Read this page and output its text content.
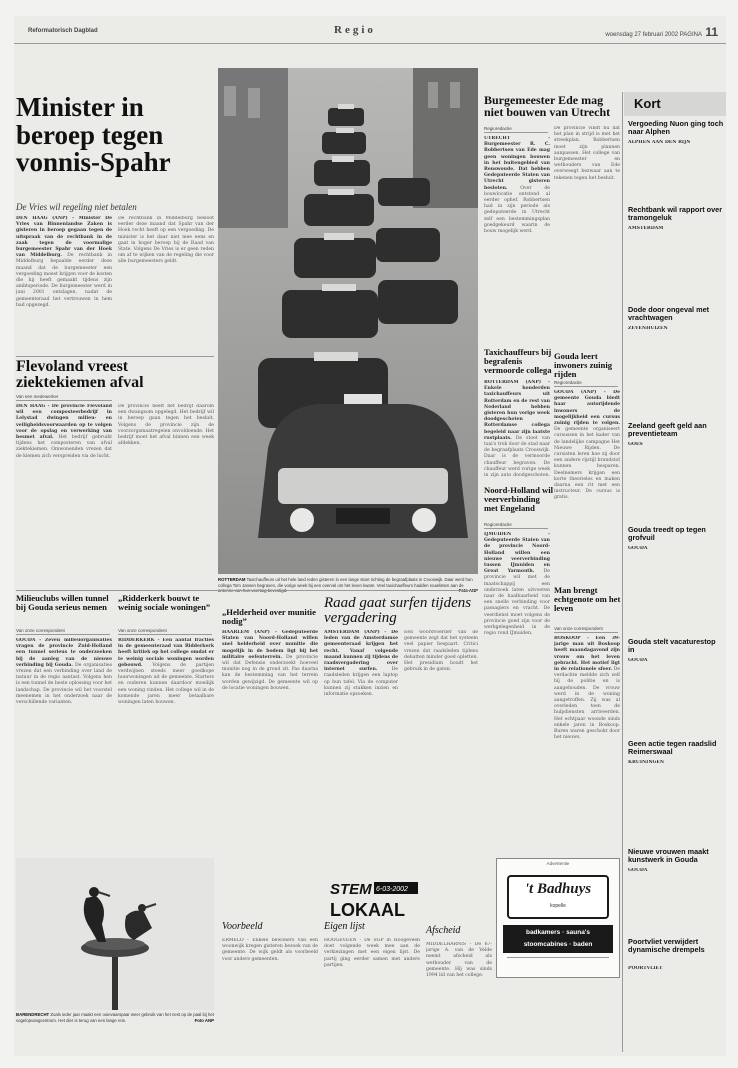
Reformatorisch Dagblad	Regio	woensdag 27 februari 2002 PAGINA 11
Minister in beroep tegen vonnis-Spahr
De Vries wil regeling niet betalen
DEN HAAG (ANP) - Minister De Vries van Binnenlandse Zaken is gisteren in beroep gegaan tegen de uitspraak van de rechtbank in de zaak tegen de voormalige burgemeester Spahr van der Hoek van Middelburg. De rechtbank in Middelburg bepaalde eerder deze maand dat de burgemeester een vergoeding moest krijgen voor de kosten die hij heeft gemaakt tijdens zijn ambtsperiode. De burgemeester werd in juni 2001 ontslagen, nadat de gemeenteraad het vertrouwen in hem had opgezegd.
De rechtbank in Middelburg besloot eerder deze maand dat Spahr van der Hoek recht heeft op een vergoeding. De minister is het daar niet mee eens en gaat in hoger beroep bij de Raad van State. Volgens De Vries is er geen reden om af te wijken van de regeling die voor alle burgemeesters geldt.
Flevoland vreest ziektekiemen afval
Van een medewerker
DEN HAAG - De provincie Flevoland wil een composteerbedrijf in Lelystad dwingen milieu- en veiligheidsvoorwaarden op te volgen voor de opslag en verwerking van besmet afval. Het bedrijf gebruikt tijdens het composteren van afval ziektekiemen. Omwonenden vrezen dat de kiemen zich verspreiden via de lucht.
De provincie heeft het bedrijf daarom een dwangsom opgelegd. Het bedrijf wil in beroep gaan tegen het besluit. Volgens de provincie zijn de voorzorgsmaatregelen onvoldoende. Het bedrijf moet het afval binnen een week afdekken.
ROTTERDAM Taxichauffeurs uit het hele land reden gisteren in een lange stoet richting de begraafplaats in Crooswijk. Daar werd hun collega Tom Jansen begraven, die vorige week bij een overval om het leven kwam. Veel taxichauffeurs hadden rouwlinten aan de
Burgemeester Ede mag niet bouwen van Utrecht
Regioredactie
UTRECHT - Burgemeester R. C. Robbertsen van Ede mag geen woningen bouwen in het buitengebied van Renswoude. Dat hebben Gedeputeerde Staten van Utrecht gisteren besloten.	Over de bouwlocatie ontstond al eerder ophef. Robbertsen had in zijn periode als gedeputeerde in Utrecht zelf een bestemmingsplan goedgekeurd waarin de bouw mogelijk werd.
De provincie vindt nu dat het plan in strijd is met het streekplan. Robbertsen moet zijn plannen aanpassen. Het college van burgemeester en wethouders van Ede overweegt bezwaar aan te tekenen tegen het besluit.
Taxichauffeurs bij begrafenis vermoorde collega
ROTTERDAM (ANP) - Enkele honderden taxichauffeurs uit Rotterdam en de rest van Nederland hebben gisteren hun vorige week doodgeschoten Rotterdamse collega begeleid naar zijn laatste rustplaats. De stoet van taxi's trok door de stad naar de begraafplaats Crooswijk. Daar is de vermoorde chauffeur begraven. De chauffeur werd vorige week in zijn auto doodgeschoten.
Gouda leert inwoners zuinig rijden
Regioredactie
GOUDA (ANP) - De gemeente Gouda biedt haar autorijdende inwoners de mogelijkheid een cursus zuinig rijden te volgen. De gemeente organiseert cursussen in het kader van de landelijke campagne Het Nieuwe Rijden. De cursisten leren hoe zij door een andere rijstijl brandstof kunnen besparen. Deelnemers krijgen een korte theorieles en maken daarna een rit met een instructeur. De cursus is gratis.
Noord-Holland wil veerverbinding met Engeland
Regioredactie
IJMUIDEN - Gedeputeerde Staten van de provincie Noord-Holland willen een nieuwe veerverbinding tussen IJmuiden en Great Yarmouth. De provincie wil met de maatschappij een onderzoek laten uitvoeren naar de haalbaarheid van een snelle verbinding voor passagiers en vracht. De veerdienst moet volgens de provincie goed zijn voor de werkgelegenheid in de regio rond IJmuiden.
Man brengt echtgenote om het leven
Van onze correspondent
BOSKOOP - Een 39-jarige man uit Boskoop heeft maandagavond zijn vrouw om het leven gebracht. Het motief ligt in de relationele sfeer. De verdachte meldde zich zelf bij de politie en is aangehouden. De vrouw werd in de woning aangetroffen. Zij was al overleden toen de hulpdiensten arriveerden. Het echtpaar woonde sinds enkele jaren in Boskoop. Buren waren geschokt door het nieuws.
Kort
Vergoeding Nuon ging toch naar Alphen
ALPHEN AAN DEN RIJN
Rechtbank wil rapport over tramongeluk
AMSTERDAM
Dode door ongeval met vrachtwagen
ZEVENHUIZEN
Zeeland geeft geld aan preventieteam
GOES
Gouda treedt op tegen grofvuil
GOUDA
Gouda stelt vacaturestop in
GOUDA
Geen actie tegen raadslid Reimerswaal
KRUININGEN
Nieuwe vrouwen maakt kunstwerk in Gouda
GOUDA
Poortvliet verwijdert dynamische drempels
POORTVLIET
Milieuclubs willen tunnel bij Gouda serieus nemen
Van onze correspondent
GOUDA - Zeven milieuorganisaties vragen de provincie Zuid-Holland een tunnel serieus te onderzoeken bij de aanleg van de nieuwe verbinding bij Gouda. De organisaties vrezen dat een verbinding over land de natuur in de regio aantast. Volgens hen is een tunnel de beste oplossing voor het landschap. De provincie wil het voorstel meenemen in het onderzoek naar de verschillende varianten.
„Ridderkerk bouwt te weinig sociale woningen”
Van onze correspondent
RIDDERKERK - Een aantal fracties in de gemeenteraad van Ridderkerk heeft kritiek op het college omdat er te weinig sociale woningen worden gebouwd. Volgens de partijen verdwijnen steeds meer goedkope huurwoningen uit de gemeente. Starters en ouderen kunnen daardoor moeilijk een woning vinden. Het college wil in de komende jaren meer betaalbare woningen laten bouwen.
„Helderheid over munitie nodig”
HAARLEM (ANP) - Gedeputeerde Staten van Noord-Holland willen snel helderheid over munitie die mogelijk in de bodem ligt bij het militaire oefenterrein. De provincie wil dat Defensie onderzoekt hoeveel munitie nog in de grond zit. Pas daarna kan de bestemming van het terrein worden gewijzigd. De gemeente wil op de locatie woningen bouwen.
Raad gaat surfen tijdens vergadering
AMSTERDAM (ANP) - De leden van de Amsterdamse gemeenteraad krijgen het recht. Vanaf volgende maand kunnen zij tijdens de raadsvergadering over internet surfen.	De raadsleden krijgen een laptop op hun tafel. Via de computer kunnen zij stukken inzien en informatie opzoeken.
Een woordvoerder van de gemeente zegt dat het systeem veel papier bespaart. Critici vrezen dat raadsleden tijdens debatten minder goed opletten. Het presidium houdt het gebruik in de gaten.
BARENDRECHT Zoals ieder jaar maakt een ooievaarspaar weer gebruik van het nest op de paal bij het vogelopvangcentrum. Het dier is terug van een lange reis.	Foto ANP
STEM 6-03-2002
LOKAAL
Voorbeeld
ERMELO - Enkele bewoners van een woonwijk kregen gisteren bezoek van de gemeente. De wijk geldt als voorbeeld voor andere gemeenten.
Eigen lijst
HOOGEVEEN - De SGP in Hoogeveen doet volgende week mee aan de verkiezingen met een eigen lijst. De partij ging eerder samen met andere partijen.
Afscheid
MIDDELHARNIS - De 67-jarige A. van de Velde neemt afscheid als wethouder van de gemeente. Hij was sinds 1994 lid van het college.
Advertentie
't Badhuys
kopelle
badkamers · sauna's
stoomcabines · baden
